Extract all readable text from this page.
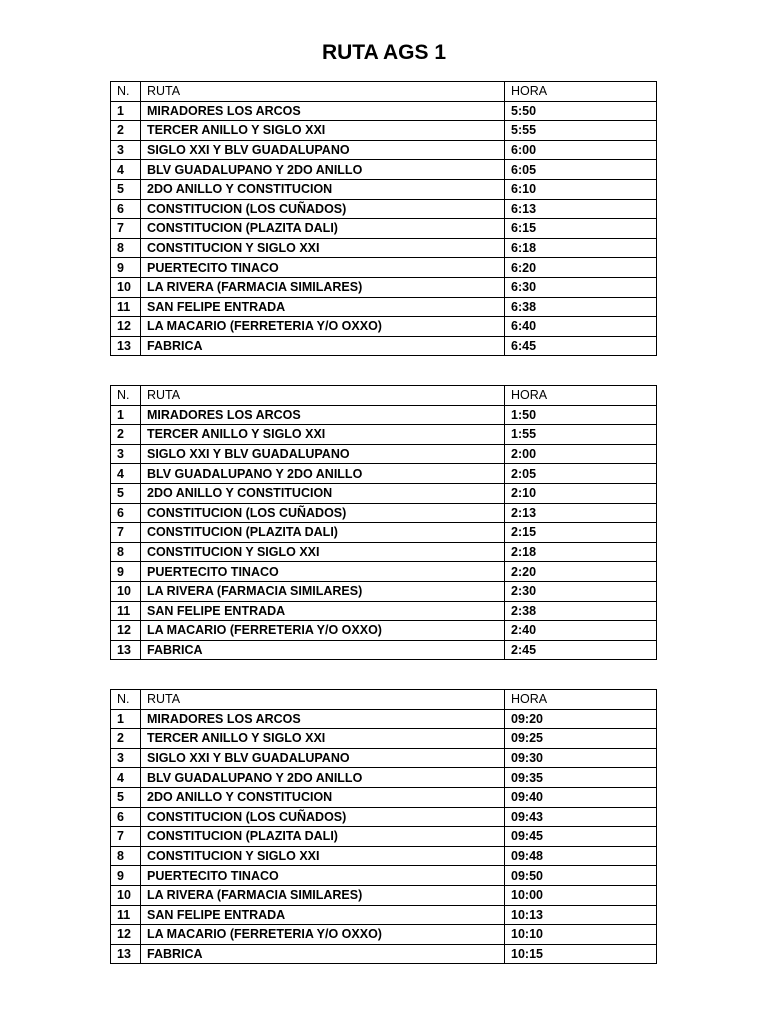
RUTA AGS 1
N.	RUTA	HORA
1	MIRADORES LOS ARCOS	5:50
2	TERCER ANILLO Y SIGLO XXI	5:55
3	SIGLO XXI Y BLV GUADALUPANO	6:00
4	BLV GUADALUPANO Y 2DO ANILLO	6:05
5	2DO ANILLO Y CONSTITUCION	6:10
6	CONSTITUCION (LOS CUÑADOS)	6:13
7	CONSTITUCION (PLAZITA DALI)	6:15
8	CONSTITUCION Y SIGLO XXI	6:18
9	PUERTECITO TINACO	6:20
10	LA RIVERA (FARMACIA SIMILARES)	6:30
11	SAN FELIPE ENTRADA	6:38
12	LA MACARIO (FERRETERIA Y/O OXXO)	6:40
13	FABRICA	6:45
N.	RUTA	HORA
1	MIRADORES LOS ARCOS	1:50
2	TERCER ANILLO Y SIGLO XXI	1:55
3	SIGLO XXI Y BLV GUADALUPANO	2:00
4	BLV GUADALUPANO Y 2DO ANILLO	2:05
5	2DO ANILLO Y CONSTITUCION	2:10
6	CONSTITUCION (LOS CUÑADOS)	2:13
7	CONSTITUCION (PLAZITA DALI)	2:15
8	CONSTITUCION Y SIGLO XXI	2:18
9	PUERTECITO TINACO	2:20
10	LA RIVERA (FARMACIA SIMILARES)	2:30
11	SAN FELIPE ENTRADA	2:38
12	LA MACARIO (FERRETERIA Y/O OXXO)	2:40
13	FABRICA	2:45
N.	RUTA	HORA
1	MIRADORES LOS ARCOS	09:20
2	TERCER ANILLO Y SIGLO XXI	09:25
3	SIGLO XXI Y BLV GUADALUPANO	09:30
4	BLV GUADALUPANO Y 2DO ANILLO	09:35
5	2DO ANILLO Y CONSTITUCION	09:40
6	CONSTITUCION (LOS CUÑADOS)	09:43
7	CONSTITUCION (PLAZITA DALI)	09:45
8	CONSTITUCION Y SIGLO XXI	09:48
9	PUERTECITO TINACO	09:50
10	LA RIVERA (FARMACIA SIMILARES)	10:00
11	SAN FELIPE ENTRADA	10:13
12	LA MACARIO (FERRETERIA Y/O OXXO)	10:10
13	FABRICA	10:15
